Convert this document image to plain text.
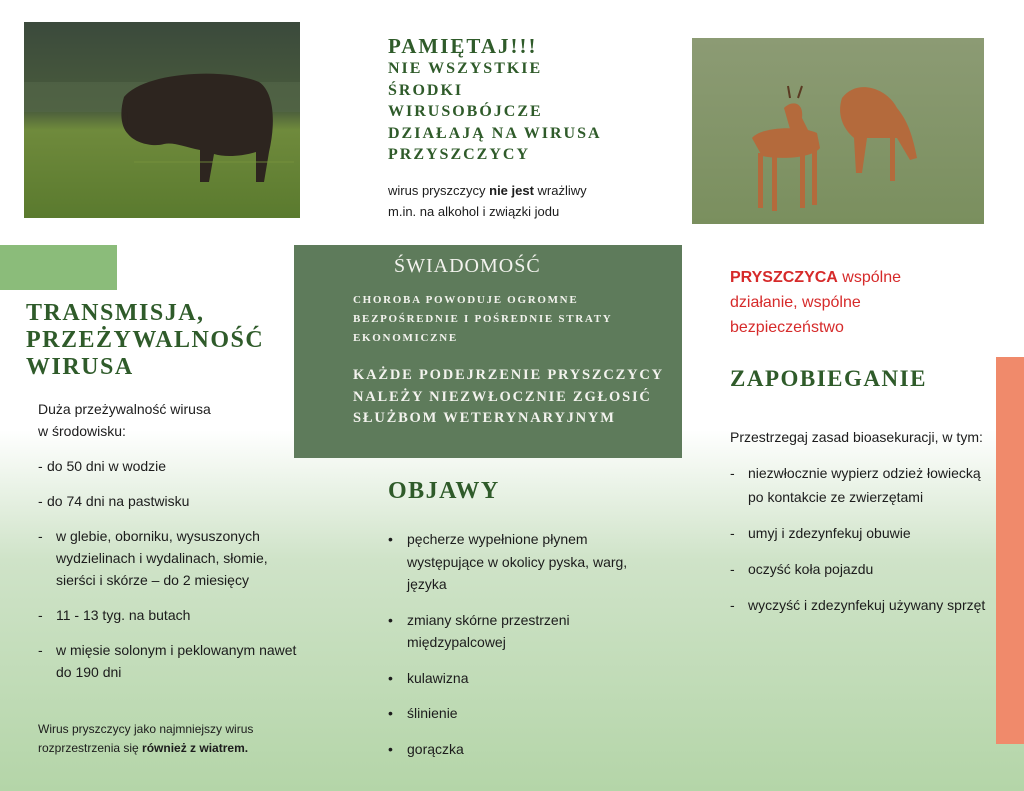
PAMIĘTAJ!!!
NIE WSZYSTKIE
ŚRODKI
WIRUSOBÓJCZE
DZIAŁAJĄ NA WIRUSA
PRZYSZCZYCY
wirus pryszczycy nie jest wrażliwy
m.in. na alkohol i związki jodu
TRANSMISJA,
PRZEŻYWALNOŚĆ
WIRUSA

Duża przeżywalność wirusa

w środowisku:

- do 50 dni w wodzie
- do 74 dni na pastwisku
- w glebie, oborniku, wysuszonych wydzielinach i wydalinach, słomie, sierści i skórze – do 2 miesięcy
- 11 - 13 tyg. na butach
- w mięsie solonym i peklowanym nawet do 190 dni
Wirus pryszczycy jako najmniejszy wirus
rozprzestrzenia się również z wiatrem.
ŚWIADOMOŚĆ
CHOROBA POWODUJE OGROMNE BEZPOŚREDNIE I POŚREDNIE STRATY EKONOMICZNE
KAŻDE PODEJRZENIE PRYSZCZYCY NALEŻY NIEZWŁOCZNIE ZGŁOSIĆ SŁUŻBOM WETERYNARYJNYM
OBJAWY
• pęcherze wypełnione płynem występujące w okolicy pyska, warg, języka
• zmiany skórne przestrzeni międzypalcowej
• kulawizna
• ślinienie
• gorączka
PRYSZCZYCA wspólne działanie, wspólne bezpieczeństwo
ZAPOBIEGANIE

Przestrzegaj zasad bioasekuracji, w tym:

- niezwłocznie wypierz odzież łowiecką po kontakcie ze zwierzętami
- umyj i zdezynfekuj obuwie
- oczyść koła pojazdu
- wyczyść i zdezynfekuj używany sprzęt
